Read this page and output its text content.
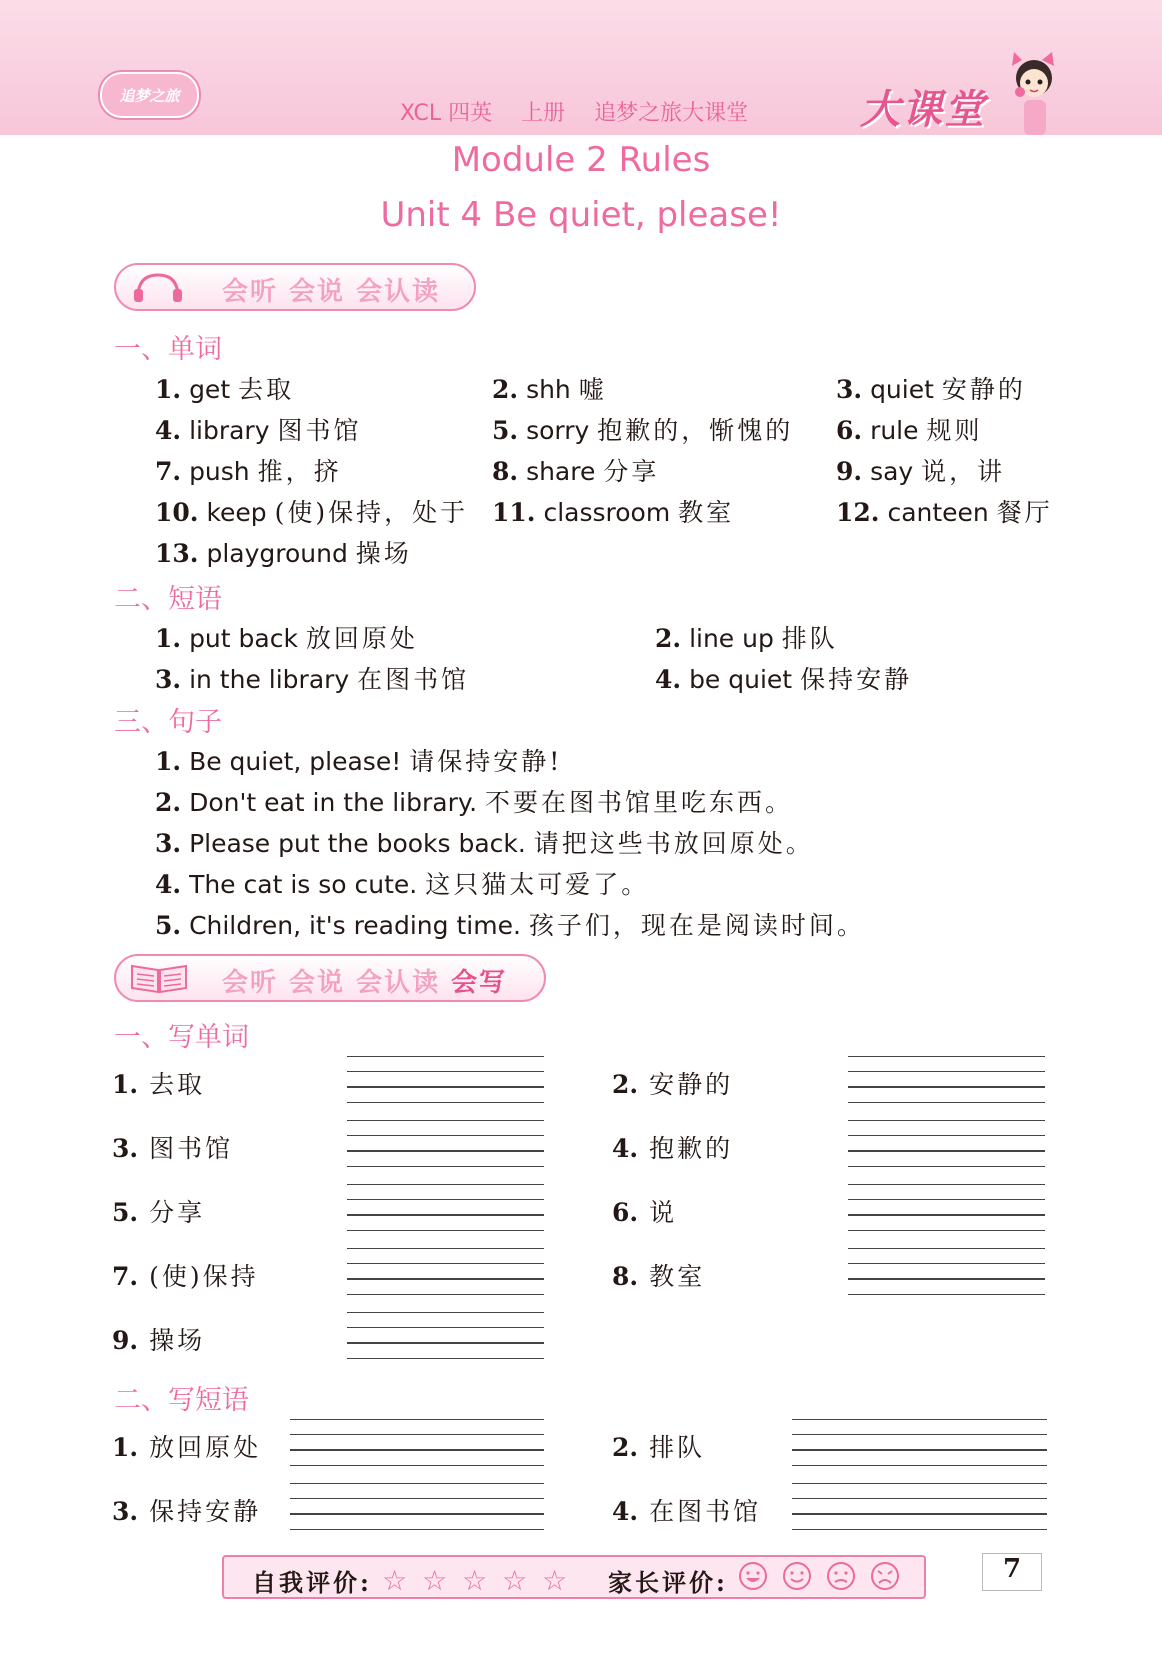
追梦之旅
XCL 四英 上册 追梦之旅大课堂	大课堂
Module 2 Rules
Unit 4 Be quiet, please!
会听 会说 会认读
一、单词
1. get 去取	2. shh 嘘	3. quiet 安静的
4. library 图书馆	5. sorry 抱歉的，惭愧的 6. rule 规则
7. push 推，挤	8. share 分享	9. say 说，讲
10. keep (使)保持，处于 11. classroom 教室	12. canteen 餐厅
13. playground 操场
二、短语
1. put back 放回原处	2. line up 排队
3. in the library 在图书馆	4. be quiet 保持安静
三、句子
1. Be quiet, please! 请保持安静!
2. Don't eat in the library. 不要在图书馆里吃东西。
3. Please put the books back. 请把这些书放回原处。
4. The cat is so cute. 这只猫太可爱了。
5. Children, it's reading time. 孩子们，现在是阅读时间。
会听 会说 会认读 会写
一、写单词
1. 去取	2. 安静的
3. 图书馆	4. 抱歉的
5. 分享	6. 说
7. (使)保持	8. 教室
9. 操场
二、写短语
1. 放回原处	2. 排队
3. 保持安静	4. 在图书馆
自我评价: ☆ ☆ ☆ ☆ ☆ 家长评价:	7
